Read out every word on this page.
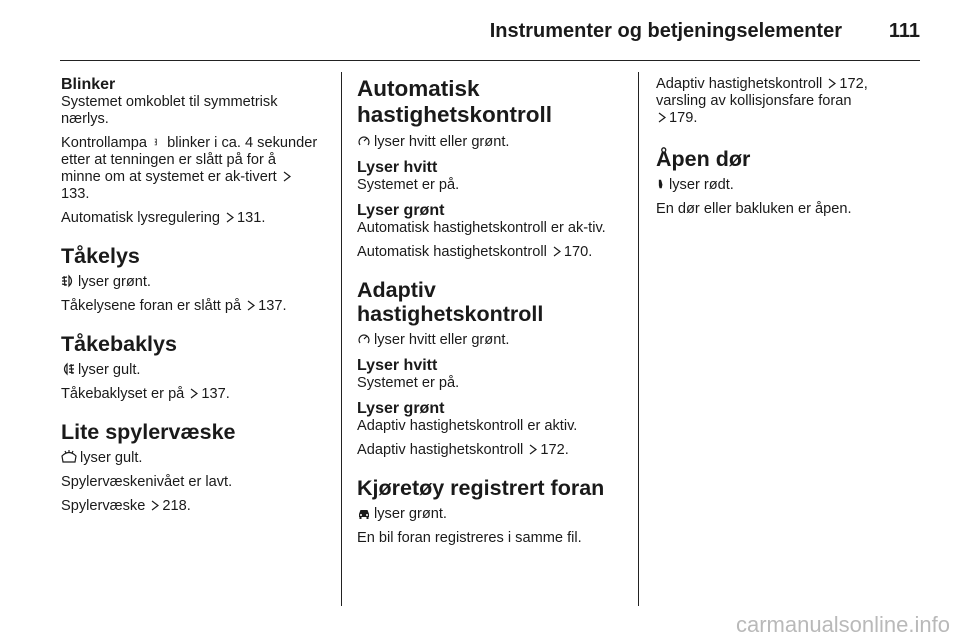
Instrumenter og betjeningselementer 111
Blinker

Systemet omkoblet til symmetrisk nærlys.

Kontrollampa blinker i ca. 4 sekunder etter at tenningen er slått på for å minne om at systemet er ak-tivert 133.

Automatisk lysregulering 131.

Tåkelys

lyser grønt.

Tåkelysene foran er slått på 137.

Tåkebaklys

lyser gult.

Tåkebaklyset er på 137.

Lite spylervæske

lyser gult.

Spylervæskenivået er lavt.

Spylervæske 218.

Automatisk hastighetskontroll

lyser hvitt eller grønt.

Lyser hvitt

Systemet er på.

Lyser grønt

Automatisk hastighetskontroll er ak-tiv.

Automatisk hastighetskontroll 170.

Adaptiv hastighetskontroll

lyser hvitt eller grønt.

Lyser hvitt

Systemet er på.

Lyser grønt

Adaptiv hastighetskontroll er aktiv.

Adaptiv hastighetskontroll 172.

Kjøretøy registrert foran

lyser grønt.

En bil foran registreres i samme fil.

Adaptiv hastighetskontroll 172, varsling av kollisjonsfare foran
179.

Åpen dør

lyser rødt.

En dør eller bakluken er åpen.

carmanualsonline.info
